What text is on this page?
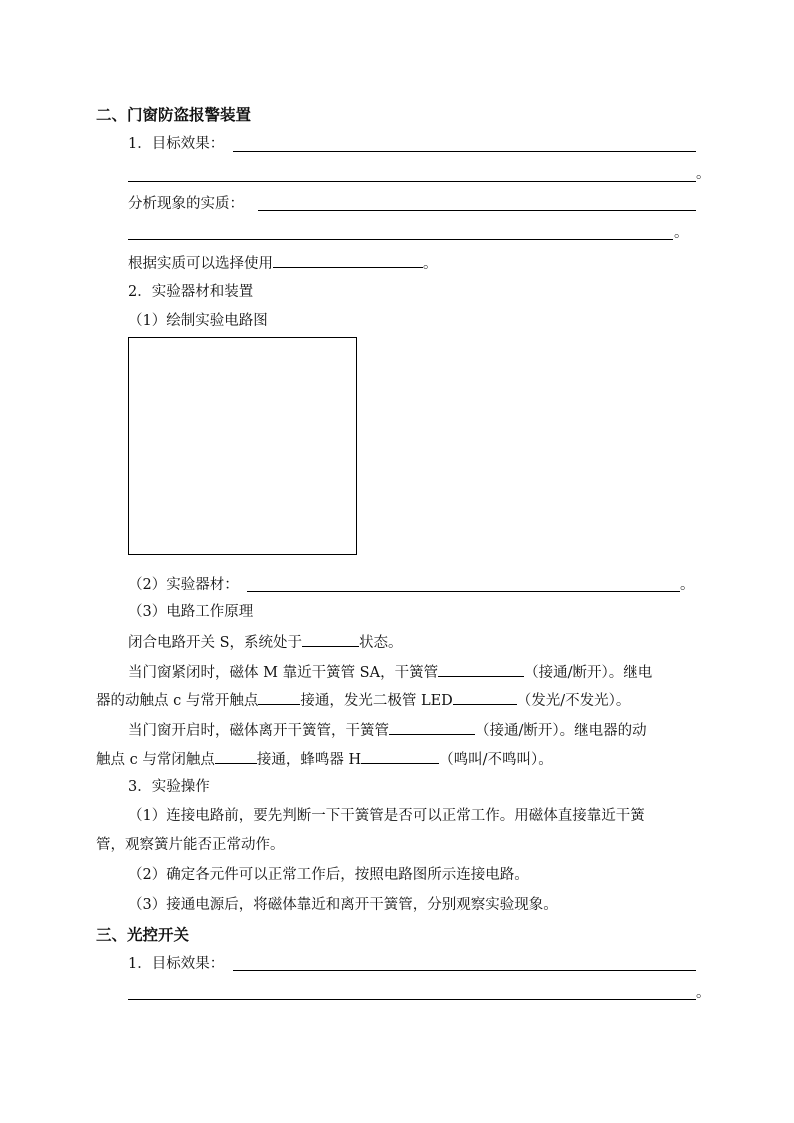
二、门窗防盗报警装置
1．目标效果：
。
分析现象的实质：
。
根据实质可以选择使用	。
2．实验器材和装置
（1）绘制实验电路图
（2）实验器材：	。
（3）电路工作原理
闭合电路开关 S，系统处于	状态。
当门窗紧闭时，磁体 M 靠近干簧管 SA，干簧管	（接通/断开）。继电
器的动触点 c 与常开触点	接通，发光二极管 LED	（发光/不发光）。
当门窗开启时，磁体离开干簧管，干簧管	（接通/断开）。继电器的动
触点 c 与常闭触点	接通，蜂鸣器 H	（鸣叫/不鸣叫）。
3．实验操作
（1）连接电路前，要先判断一下干簧管是否可以正常工作。用磁体直接靠近干簧
管，观察簧片能否正常动作。
（2）确定各元件可以正常工作后，按照电路图所示连接电路。
（3）接通电源后，将磁体靠近和离开干簧管，分别观察实验现象。
三、光控开关
1．目标效果：
。
